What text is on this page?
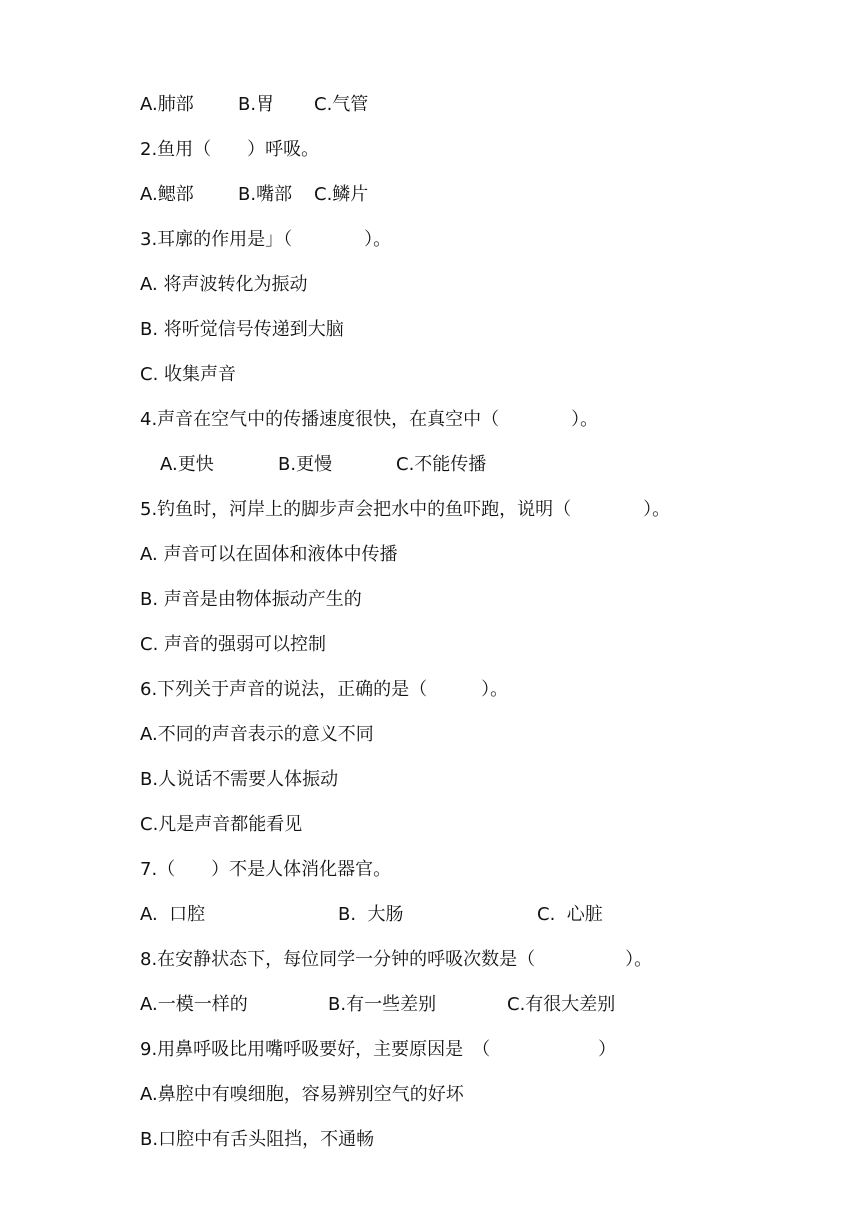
A.肺部

B.胃

C.气管

2.鱼用（　　）呼吸。

A.鳃部

B.嘴部

C.鳞片

3.耳廓的作用是」（　　　　）。
A. 将声波转化为振动
B. 将听觉信号传递到大脑
C. 收集声音
4.声音在空气中的传播速度很快，在真空中（　　　　）。

A.更快

	B.更慢

	C.不能传播

5.钓鱼时，河岸上的脚步声会把水中的鱼吓跑，说明（　　　　）。
A. 声音可以在固体和液体中传播
B. 声音是由物体振动产生的
C. 声音的强弱可以控制
6.下列关于声音的说法，正确的是（　　　）。
A.不同的声音表示的意义不同
B.人说话不需要人体振动
C.凡是声音都能看见
7.（　　）不是人体消化器官。

A.  口腔

	B.  大肠

	C.  心脏

8.在安静状态下，每位同学一分钟的呼吸次数是（　　　　　）。

A.一模一样的

	B.有一些差别

	C.有很大差别

9.用鼻呼吸比用嘴呼吸要好，主要原因是　（　　　　　　）
A.鼻腔中有嗅细胞，容易辨别空气的好坏
B.口腔中有舌头阻挡，不通畅
